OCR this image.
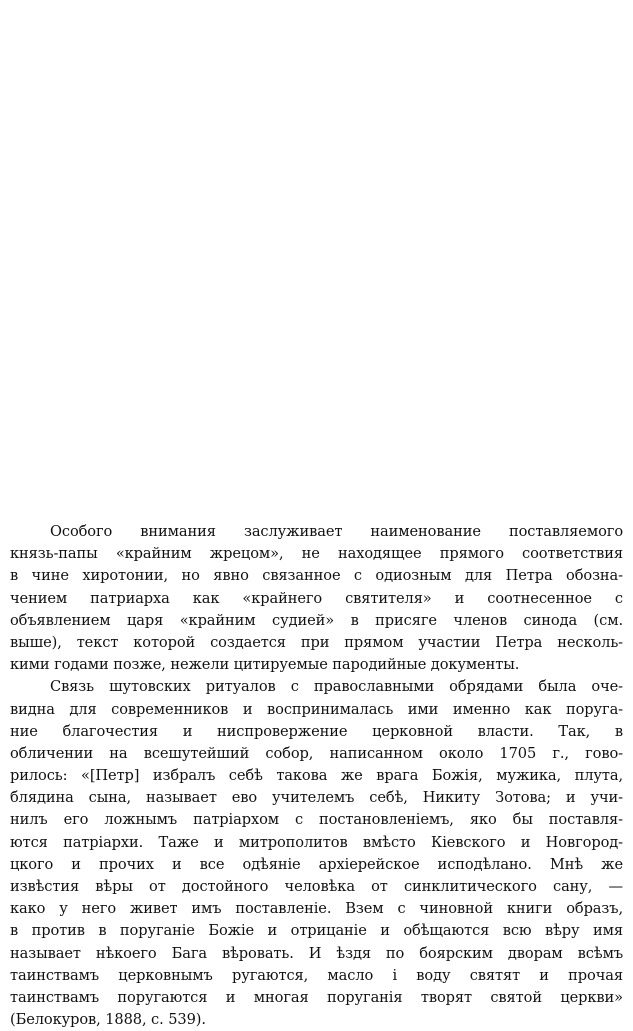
Особого внимания заслуживает наименование поставляемого
князь-папы «крайним жрецом», не находящее прямого соответствия
в чине хиротонии, но явно связанное с одиозным для Петра обозна-
чением патриарха как «крайнего святителя» и соотнесенное с
объявлением царя «крайним судией» в присяге членов синода (см.
выше), текст которой создается при прямом участии Петра несколь-
кими годами позже, нежели цитируемые пародийные документы.
Связь шутовских ритуалов с православными обрядами была оче-
видна для современников и воспринималась ими именно как поруга-
ние благочестия и ниспровержение церковной власти. Так, в
обличении на всешутейший собор, написанном около 1705 г., гово-
рилось: «[Петр] избралъ себѣ такова же врага Божія, мужика, плута,
блядина сына, называет ево учителемъ себѣ, Никиту Зотова; и учи-
нилъ его ложнымъ патріархом с постановленіемъ, яко бы поставля-
ются патріархи. Тажe и митрополитов вмѣсто Кіевского и Новгород-
цкого и прочих и все одѣяніе архіерейское исподѣлано. Мнѣ же
извѣстия вѣры от достойного человѣка от синклитического сану, —
како у него живет имъ поставленіе. Взем с чиновной книги образъ,
в против в поруганіе Божіе и отрицаніе и обѣщаются всю вѣру имя
называет нѣкоего Бага вѣровать. И ѣздя по боярским дворам всѣмъ
таинствамъ церковнымъ ругаются, масло і воду святят и прочая
таинствамъ поругаются и многая поруганія творят святой церкви»
(Белокуров, 1888, с. 539).
